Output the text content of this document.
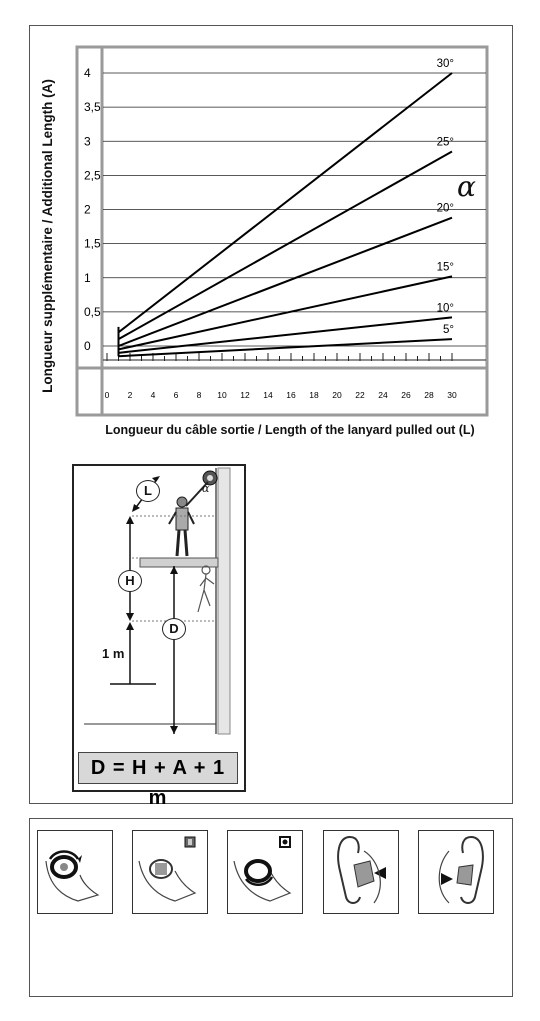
0
0,5
1
1,5
2
2,5
3
3,5
4
0 2 4 6 8 10 12 14 16 18 20 22 24 26 28 30
5°
10°
15°
20°
25°
30°
Longueur supplémentaire / Additional Length (A)
Longueur du câble sortie / Length of the lanyard pulled out (L)
α
L
H
D
1 m
α
D = H + A + 1 m
